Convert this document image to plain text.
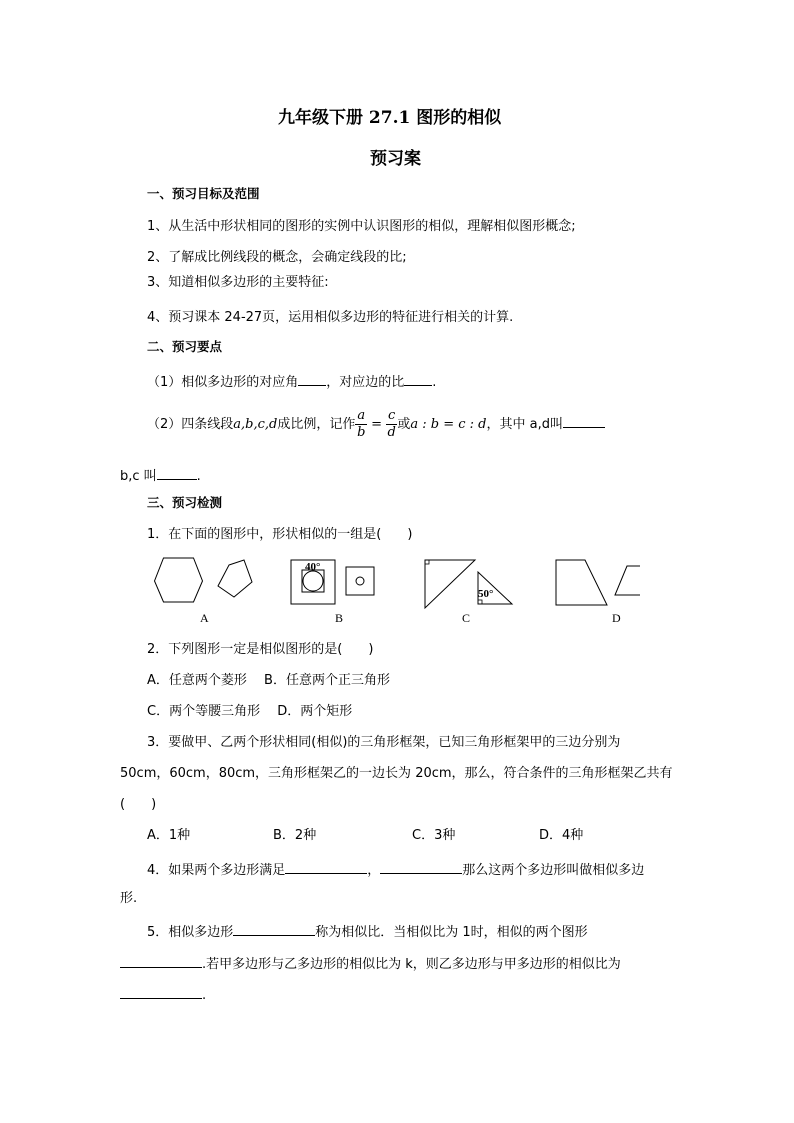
九年级下册 27.1 图形的相似
预习案
一、预习目标及范围
1、从生活中形状相同的图形的实例中认识图形的相似，理解相似图形概念;
2、了解成比例线段的概念，会确定线段的比;
3、知道相似多边形的主要特征:
4、预习课本 24-27页，运用相似多边形的特征进行相关的计算.
二、预习要点
（1）相似多边形的对应角 ，对应边的比 .
（2）四条线段a,b,c,d成比例，记作 $\frac{a}{b} = \frac{c}{d}$ 或a : b = c : d，其中 a,d叫
b,c 叫	.
三、预习检测
1．在下面的图形中，形状相似的一组是(　　)
40°
50°
A	B	C	D
2．下列图形一定是相似图形的是(　　)
A．任意两个菱形　 B．任意两个正三角形
C．两个等腰三角形　 D．两个矩形
3．要做甲、乙两个形状相同(相似)的三角形框架，已知三角形框架甲的三边分别为
50cm，60cm，80cm，三角形框架乙的一边长为 20cm，那么，符合条件的三角形框架乙共有
(　　)
A．1种	B．2种	C．3种	D．4种
4．如果两个多边形满足	，	那么这两个多边形叫做相似多边
形.
5．相似多边形	称为相似比．当相似比为 1时，相似的两个图形
.若甲多边形与乙多边形的相似比为 k，则乙多边形与甲多边形的相似比为
.
